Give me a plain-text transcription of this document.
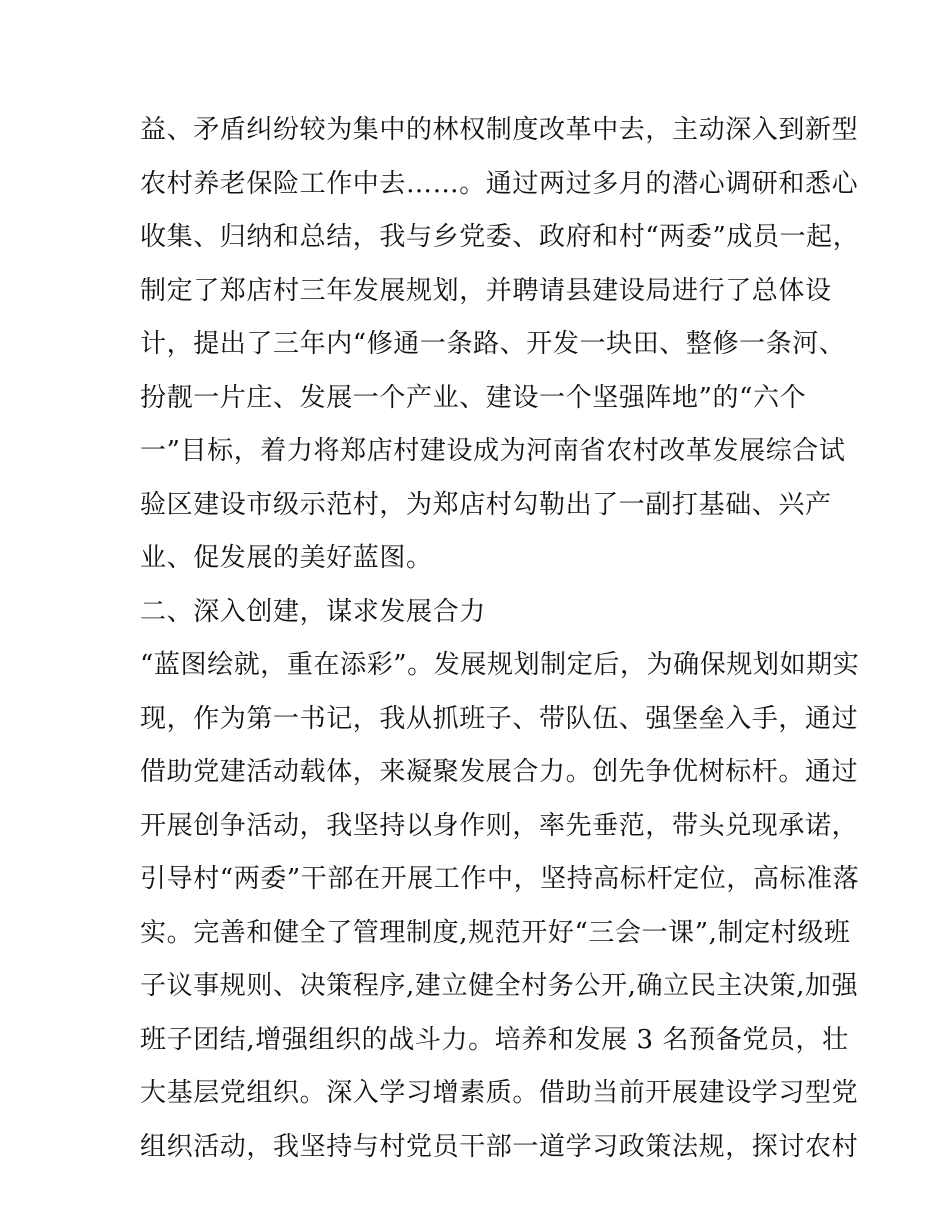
益、矛盾纠纷较为集中的林权制度改革中去，主动深入到新型
农村养老保险工作中去……。通过两过多月的潜心调研和悉心
收集、归纳和总结，我与乡党委、政府和村“两委”成员一起，
制定了郑店村三年发展规划，并聘请县建设局进行了总体设
计，提出了三年内“修通一条路、开发一块田、整修一条河、
扮靓一片庄、发展一个产业、建设一个坚强阵地”的“六个
一”目标，着力将郑店村建设成为河南省农村改革发展综合试
验区建设市级示范村，为郑店村勾勒出了一副打基础、兴产
业、促发展的美好蓝图。
二、深入创建，谋求发展合力
“蓝图绘就，重在添彩”。发展规划制定后，为确保规划如期实
现，作为第一书记，我从抓班子、带队伍、强堡垒入手，通过
借助党建活动载体，来凝聚发展合力。创先争优树标杆。通过
开展创争活动，我坚持以身作则，率先垂范，带头兑现承诺，
引导村“两委”干部在开展工作中，坚持高标杆定位，高标准落
实。完善和健全了管理制度,规范开好“三会一课”,制定村级班
子议事规则、决策程序,建立健全村务公开,确立民主决策,加强
班子团结,增强组织的战斗力。培养和发展 3 名预备党员，壮
大基层党组织。深入学习增素质。借助当前开展建设学习型党
组织活动，我坚持与村党员干部一道学习政策法规，探讨农村
